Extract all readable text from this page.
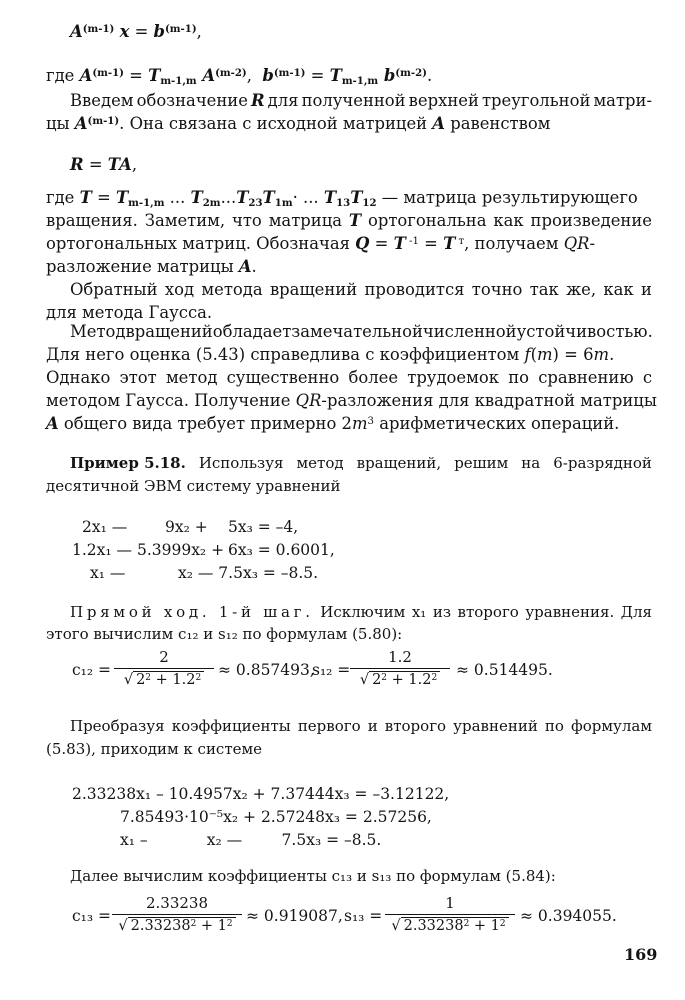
$A^{(m-1)}$ $x = b^{(m-1)}$,
где $A^{(m-1)} = T_{m-1,m}$ $A^{(m-2)}$, $b^{(m-1)} = T_{m-1,m}$ $b^{(m-2)}$.
Введем обозначение R для полученной верхней треугольной матри-
цы $A^{(m-1)}$. Она связана с исходной матрицей A равенством
R = TA,
где $T = T_{m-1,m}$ ... $T_{2m}...T_{23}T_{1m}\cdot$ ... $T_{13}T_{12}$ — матрица результирующего
вращения. Заметим, что матрица T ортогональна как произведение
ортогональных матриц. Обозначая Q = T $^{-1}$ = T $^т$, получаем QR-
разложение матрицы A.
Обратный ход метода вращений проводится точно так же, как и
для метода Гаусса.
Метод вращений обладает замечательной численной устойчивостью.
Для него оценка (5.43) справедлива с коэффициентом f(m) = 6m.
Однако этот метод существенно более трудоемок по сравнению с
методом Гаусса. Получение QR-разложения для квадратной матрицы
A общего вида требует примерно $2m^3$ арифметических операций.
Пример 5.18. Используя метод вращений, решим на 6-разрядной
десятичной ЭВМ систему уравнений
2x₁ — 9x₂ + 5x₃ = –4,
1.2x₁ — 5.3999x₂ + 6x₃ = 0.6001,
x₁ —	x₂ — 7.5x₃ = –8.5.
Прямой ход. 1-й шаг. Исключим x₁ из второго уравнения. Для
этого вычислим c₁₂ и s₁₂ по формулам (5.80):
c₁₂ =
2
√ $2^2 + 1.2^2$	≈ 0.857493,
s₁₂ =
1.2
√ $2^2 + 1.2^2$	≈ 0.514495.
Преобразуя коэффициенты первого и второго уравнений по формулам
(5.83), приходим к системе
2.33238x₁ – 10.4957x₂ + 7.37444x₃ = –3.12122,
7.85493·10⁻⁵x₂ + 2.57248x₃ = 2.57256,
x₁ –            x₂ —        7.5x₃ = –8.5.
Далее вычислим коэффициенты c₁₃ и s₁₃ по формулам (5.84):
c₁₃ =
2.33238
√ $2.33238^2 + 1^2 \approx 0.919087$, s₁₃ =
1
√ $2.33238^2 + 1^2 \approx 0.394055$.
169
